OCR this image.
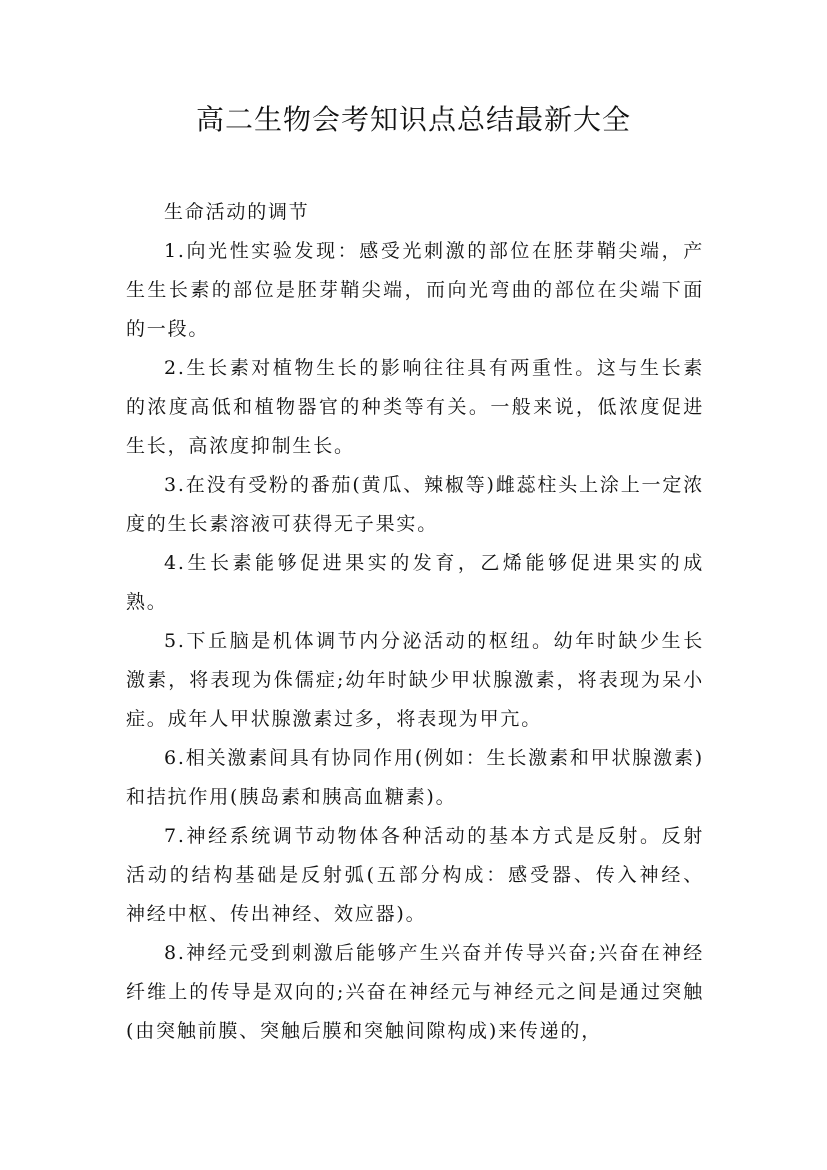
高二生物会考知识点总结最新大全

生命活动的调节

1.向光性实验发现：感受光刺激的部位在胚芽鞘尖端，产生生长素的部位是胚芽鞘尖端，而向光弯曲的部位在尖端下面的一段。

2.生长素对植物生长的影响往往具有两重性。这与生长素的浓度高低和植物器官的种类等有关。一般来说，低浓度促进生长，高浓度抑制生长。

3.在没有受粉的番茄(黄瓜、辣椒等)雌蕊柱头上涂上一定浓度的生长素溶液可获得无子果实。

4.生长素能够促进果实的发育，乙烯能够促进果实的成熟。

5.下丘脑是机体调节内分泌活动的枢纽。幼年时缺少生长激素，将表现为侏儒症;幼年时缺少甲状腺激素，将表现为呆小症。成年人甲状腺激素过多，将表现为甲亢。

6.相关激素间具有协同作用(例如：生长激素和甲状腺激素)和拮抗作用(胰岛素和胰高血糖素)。

7.神经系统调节动物体各种活动的基本方式是反射。反射活动的结构基础是反射弧(五部分构成：感受器、传入神经、 神经中枢、传出神经、效应器)。

8.神经元受到刺激后能够产生兴奋并传导兴奋;兴奋在神经纤维上的传导是双向的;兴奋在神经元与神经元之间是通过突触(由突触前膜、突触后膜和突触间隙构成)来传递的，
